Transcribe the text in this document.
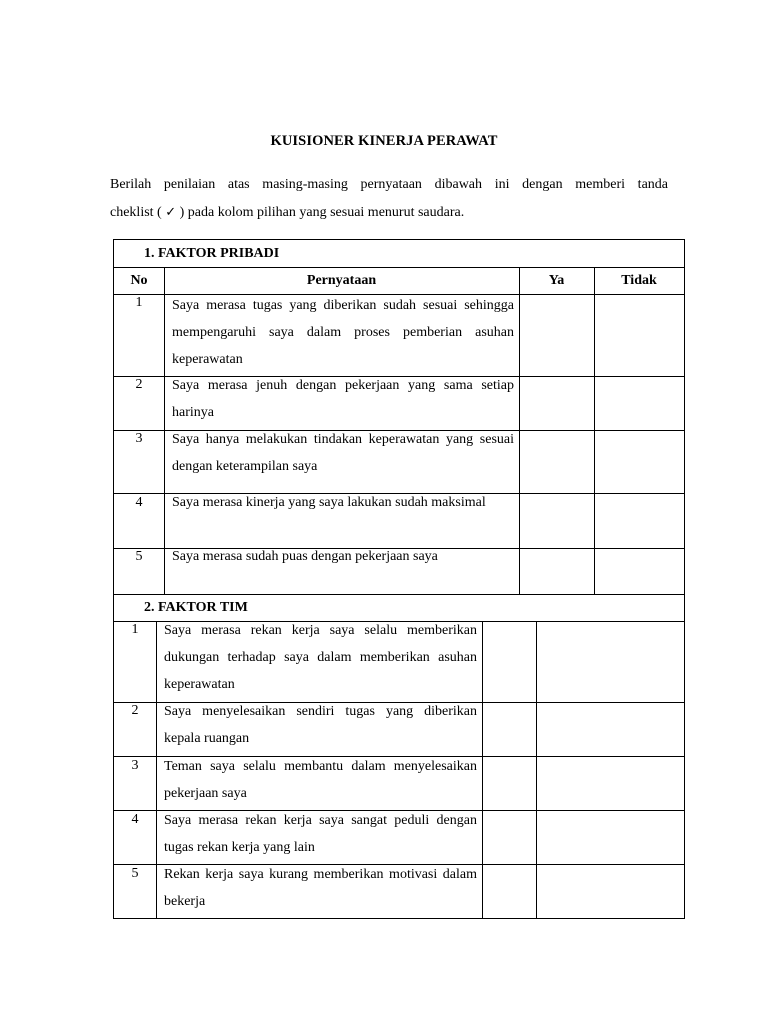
KUISIONER KINERJA PERAWAT
Berilah penilaian atas masing-masing pernyataan dibawah ini dengan memberi tanda
cheklist ( ✓ ) pada kolom pilihan yang sesuai menurut saudara.
1. FAKTOR PRIBADI
No	Pernyataan	Ya	Tidak
1	Saya merasa tugas yang diberikan sudah sesuai sehingga mempengaruhi saya dalam proses pemberian asuhan keperawatan
2	Saya merasa jenuh dengan pekerjaan yang sama setiap harinya
3	Saya hanya melakukan tindakan keperawatan yang sesuai dengan keterampilan saya
4	Saya merasa kinerja yang saya lakukan sudah maksimal
5	Saya merasa sudah puas dengan pekerjaan saya
2. FAKTOR TIM
1	Saya merasa rekan kerja saya selalu memberikan dukungan terhadap saya dalam memberikan asuhan keperawatan
2	Saya menyelesaikan sendiri tugas yang diberikan kepala ruangan
3	Teman saya selalu membantu dalam menyelesaikan pekerjaan saya
4	Saya merasa rekan kerja saya sangat peduli dengan tugas rekan kerja yang lain
5	Rekan kerja saya kurang memberikan motivasi dalam bekerja
